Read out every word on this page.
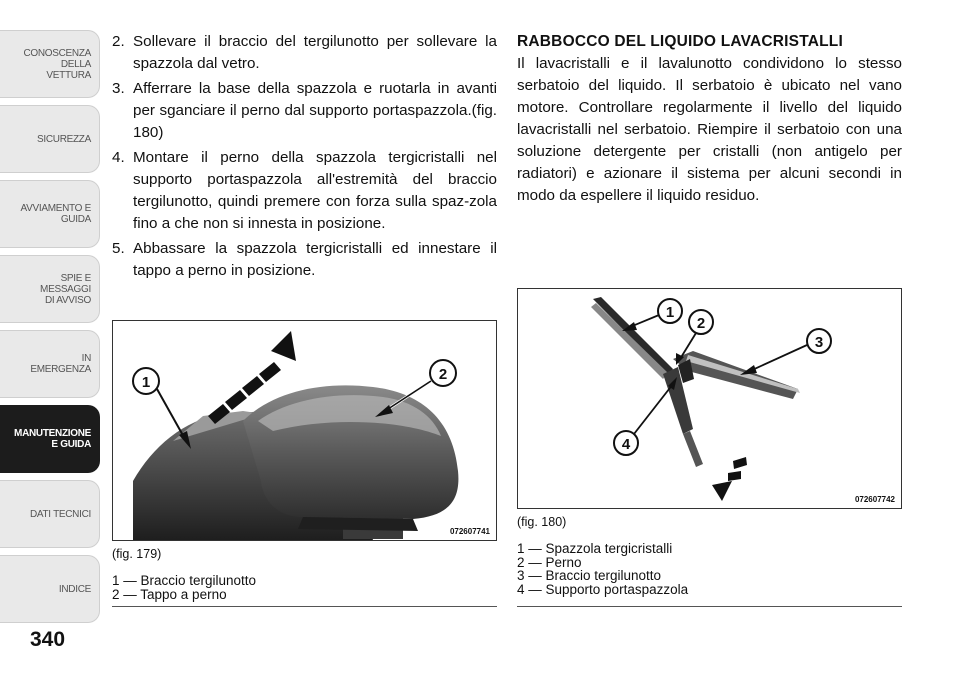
CONOSCENZA DELLA
VETTURA
SICUREZZA
AVVIAMENTO E
GUIDA
SPIE E
MESSAGGI
DI AVVISO
IN
EMERGENZA
MANUTENZIONE
E GUIDA
DATI TECNICI
INDICE
340
2. Sollevare il braccio del tergilunotto per sollevare la spazzola dal vetro.
3. Afferrare la base della spazzola e ruotarla in avanti per sganciare il perno dal supporto portaspazzola.(fig. 180)
4. Montare il perno della spazzola tergicristalli nel supporto portaspazzola all'estremità del braccio tergilunotto, quindi premere con forza sulla spaz-zola fino a che non si innesta in posizione.
5. Abbassare la spazzola tergicristalli ed innestare il tappo a perno in posizione.
RABBOCCO DEL LIQUIDO LAVACRISTALLI

Il lavacristalli e il lavalunotto condividono lo stesso serbatoio del liquido. Il serbatoio è ubicato nel vano motore. Controllare regolarmente il livello del liquido lavacristalli nel serbatoio. Riempire il serbatoio con una soluzione detergente per cristalli (non antigelo per radiatori) e azionare il sistema per alcuni secondi in modo da espellere il liquido residuo.

1	2
072607741
(fig. 179)
1 — Braccio tergilunotto
2 — Tappo a perno
1
2
3
4
072607742
(fig. 180)
1 — Spazzola tergicristalli
2 — Perno
3 — Braccio tergilunotto
4 — Supporto portaspazzola
